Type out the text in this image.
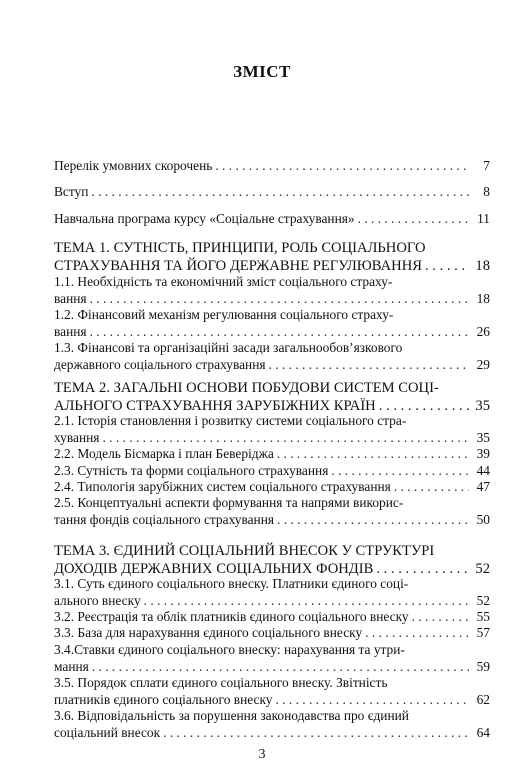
ЗМІСТ
Перелік умовних скорочень . . .	7
Вступ . . .	8
Навчальна програма курсу «Соціальне страхування» . . .	11
ТЕМА 1. СУТНІСТЬ, ПРИНЦИПИ, РОЛЬ СОЦІАЛЬНОГО
СТРАХУВАННЯ ТА ЙОГО ДЕРЖАВНЕ РЕГУЛЮВАННЯ . . .	18
1.1. Необхідність та економічний зміст соціального страху-
вання . . .	18
1.2. Фінансовий механізм регулювання соціального страху-
вання . . .	26
1.3. Фінансові та організаційні засади загальнообов’язкового
державного соціального страхування . . .	29
ТЕМА 2. ЗАГАЛЬНІ ОСНОВИ ПОБУДОВИ СИСТЕМ СОЦІ-
АЛЬНОГО СТРАХУВАННЯ ЗАРУБІЖНИХ КРАЇН . . .	35
2.1. Історія становлення і розвитку системи соціального стра-
хування . . .	35
2.2. Модель Бісмарка і план Беверіджа . . .	39
2.3. Сутність та форми соціального страхування . . .	44
2.4. Типологія зарубіжних систем соціального страхування . . .	47
2.5. Концептуальні аспекти формування та напрями викорис-
тання фондів соціального страхування . . .	50
ТЕМА 3. ЄДИНИЙ СОЦІАЛЬНИЙ ВНЕСОК У СТРУКТУРІ
ДОХОДІВ ДЕРЖАВНИХ СОЦІАЛЬНИХ ФОНДІВ . . .	52
3.1. Суть єдиного соціального внеску. Платники єдиного соці-
ального внеску . . .	52
3.2. Реєстрація та облік платників єдиного соціального внеску . . .	55
3.3. База для нарахування єдиного соціального внеску . . .	57
3.4.Ставки єдиного соціального внеску: нарахування та утри-
мання . . .	59
3.5. Порядок сплати єдиного соціального внеску. Звітність
платників єдиного соціального внеску . . .	62
3.6. Відповідальність за порушення законодавства про єдиний
соціальний внесок . . .	64
3
